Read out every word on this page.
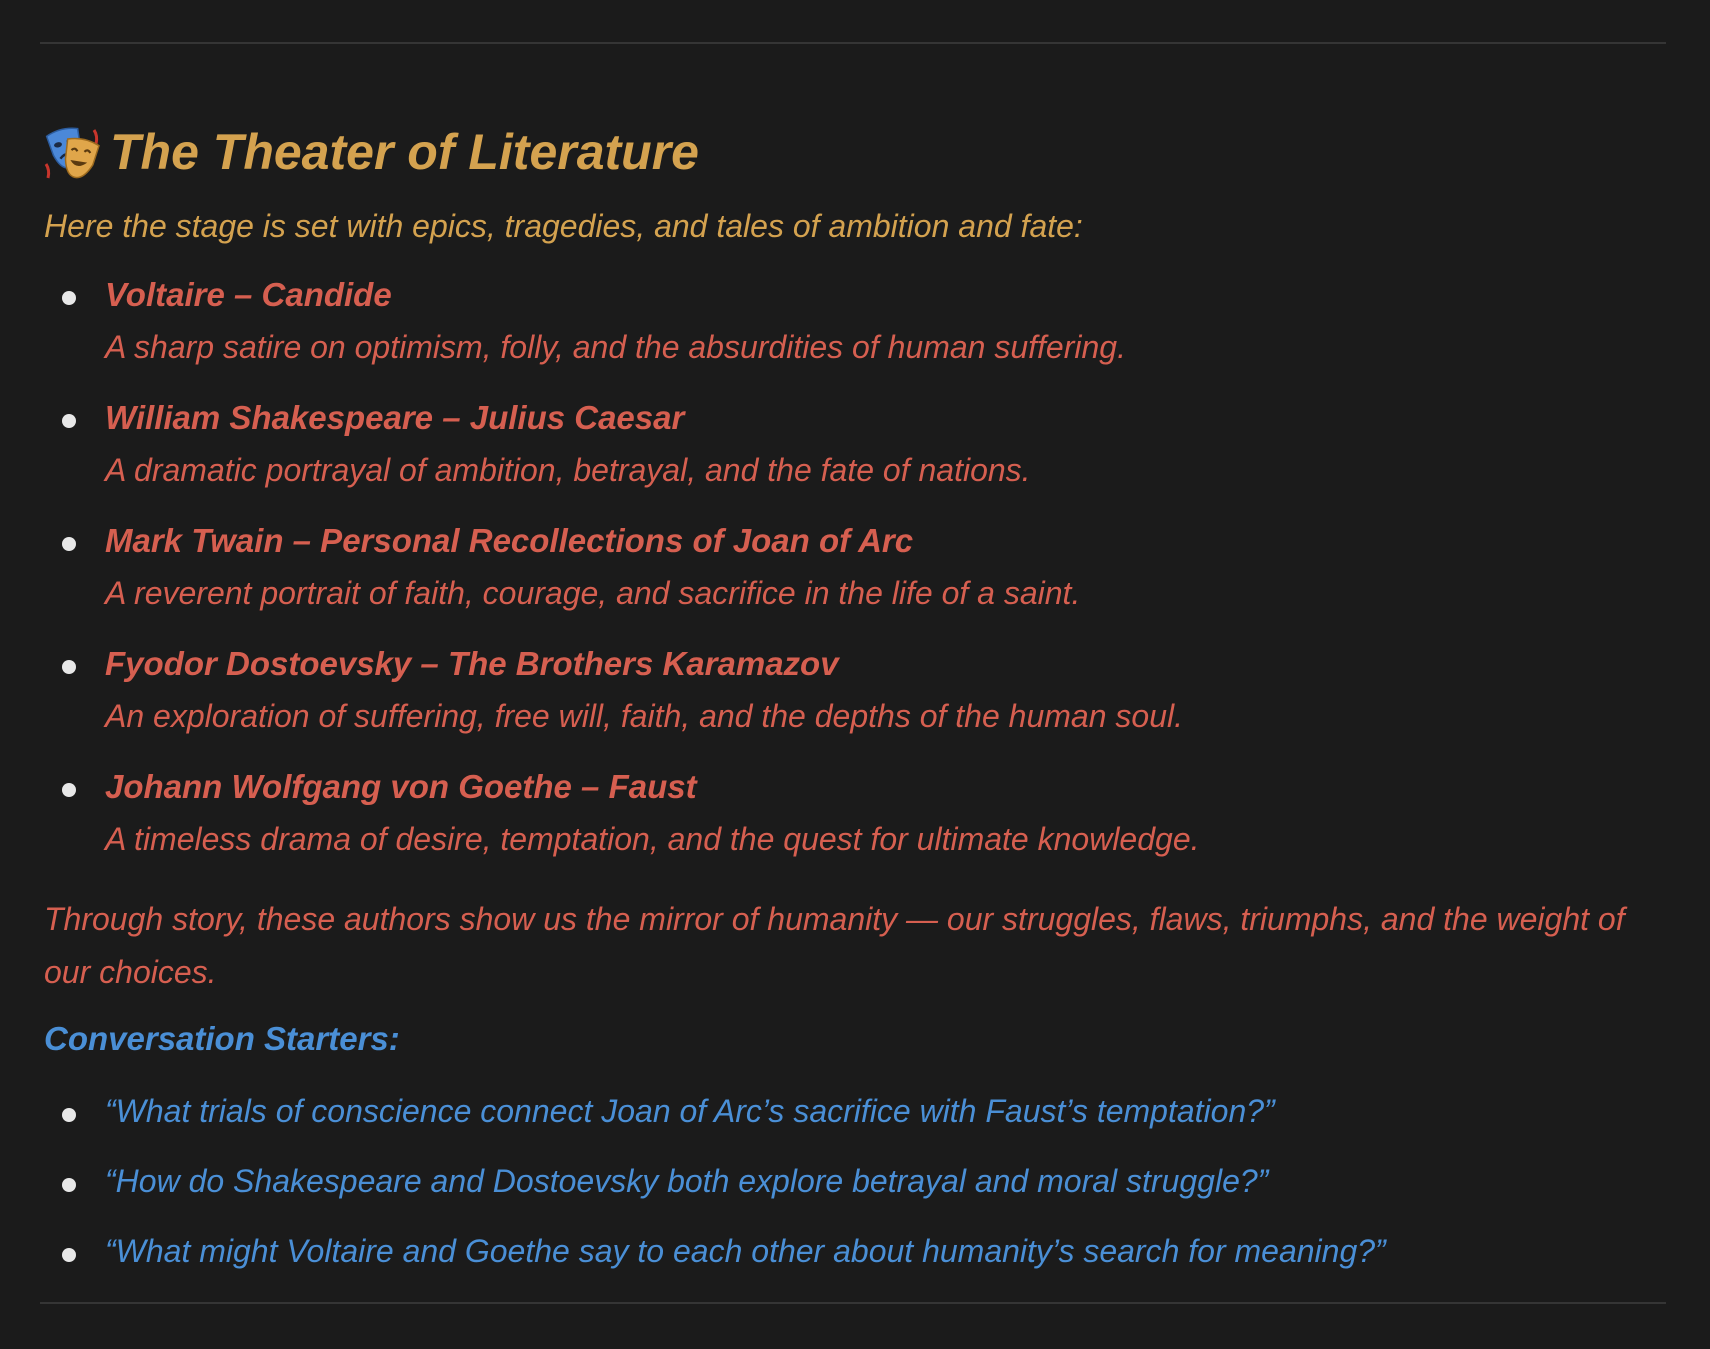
The Theater of Literature
Here the stage is set with epics, tragedies, and tales of ambition and fate:
Voltaire – Candide
A sharp satire on optimism, folly, and the absurdities of human suffering.
William Shakespeare – Julius Caesar
A dramatic portrayal of ambition, betrayal, and the fate of nations.
Mark Twain – Personal Recollections of Joan of Arc
A reverent portrait of faith, courage, and sacrifice in the life of a saint.
Fyodor Dostoevsky – The Brothers Karamazov
An exploration of suffering, free will, faith, and the depths of the human soul.
Johann Wolfgang von Goethe – Faust
A timeless drama of desire, temptation, and the quest for ultimate knowledge.
Through story, these authors show us the mirror of humanity — our struggles, flaws, triumphs, and the weight of our choices.
Conversation Starters:
“What trials of conscience connect Joan of Arc’s sacrifice with Faust’s temptation?”
“How do Shakespeare and Dostoevsky both explore betrayal and moral struggle?”
“What might Voltaire and Goethe say to each other about humanity’s search for meaning?”
